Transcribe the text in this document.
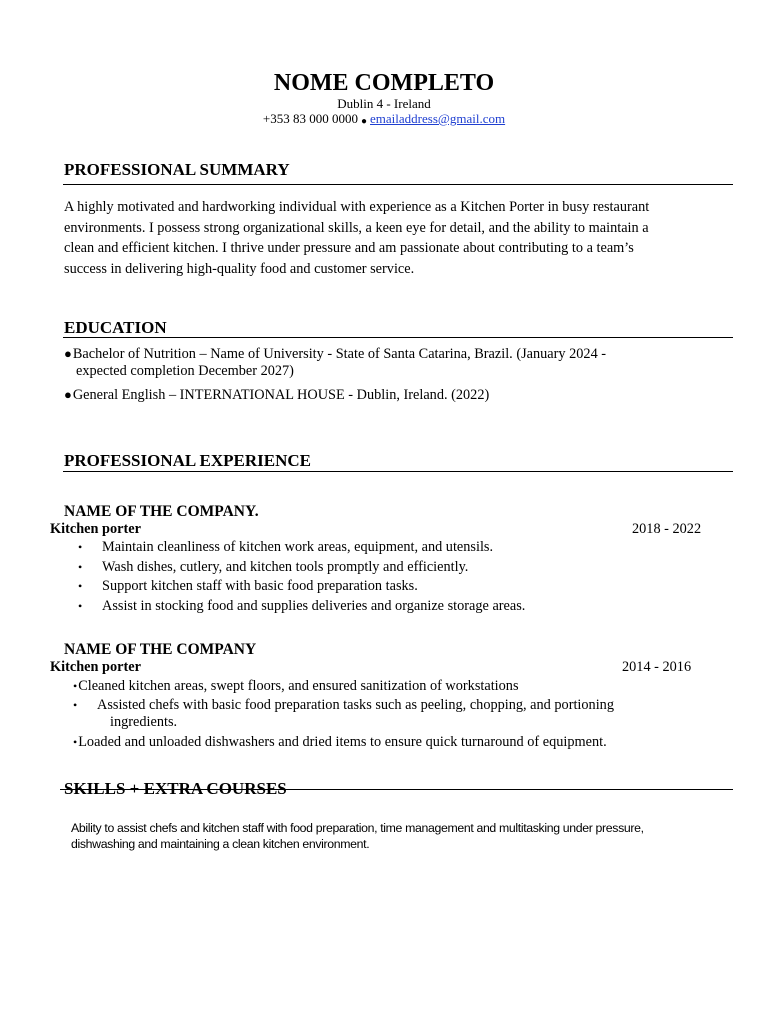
NOME COMPLETO
Dublin 4 - Ireland
+353 83 000 0000 ● emailaddress@gmail.com
PROFESSIONAL SUMMARY
A highly motivated and hardworking individual with experience as a Kitchen Porter in busy restaurant
environments. I possess strong organizational skills, a keen eye for detail, and the ability to maintain a
clean and efficient kitchen. I thrive under pressure and am passionate about contributing to a team’s
success in delivering high-quality food and customer service.
EDUCATION
●Bachelor of Nutrition – Name of University - State of Santa Catarina, Brazil. (January 2024 -
expected completion December 2027)
●General English – INTERNATIONAL HOUSE - Dublin, Ireland. (2022)
PROFESSIONAL EXPERIENCE
NAME OF THE COMPANY.
Kitchen porter	2018 - 2022
• Maintain cleanliness of kitchen work areas, equipment, and utensils.
• Wash dishes, cutlery, and kitchen tools promptly and efficiently.
• Support kitchen staff with basic food preparation tasks.
• Assist in stocking food and supplies deliveries and organize storage areas.
NAME OF THE COMPANY
Kitchen porter	2014 - 2016
•Cleaned kitchen areas, swept floors, and ensured sanitization of workstations
•	Assisted chefs with basic food preparation tasks such as peeling, chopping, and portioning
ingredients.
•Loaded and unloaded dishwashers and dried items to ensure quick turnaround of equipment.
SKILLS + EXTRA COURSES
Ability to assist chefs and kitchen staff with food preparation, time management and multitasking under pressure,
dishwashing and maintaining a clean kitchen environment.
